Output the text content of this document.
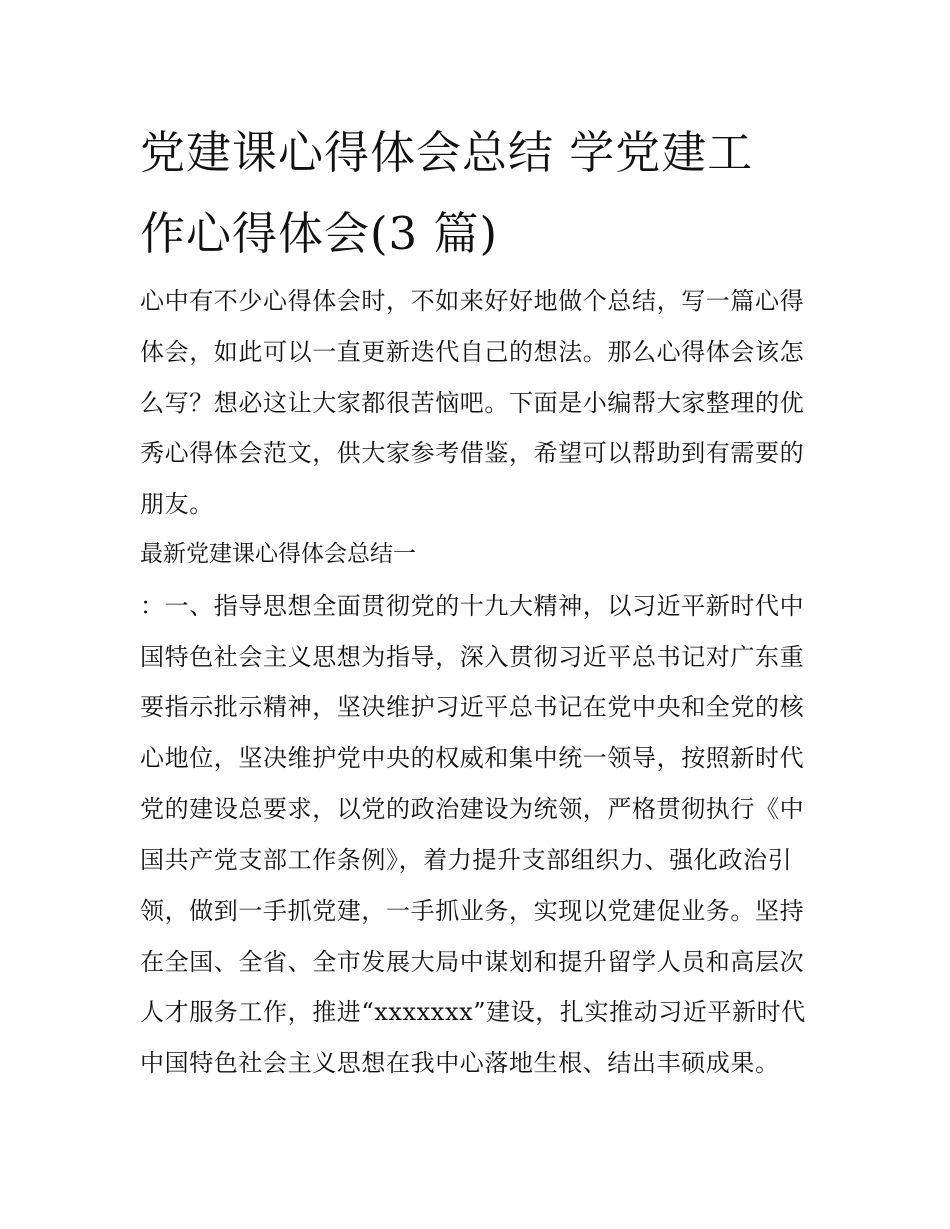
党建课心得体会总结 学党建工
作心得体会(3 篇)
心中有不少心得体会时，不如来好好地做个总结，写一篇心得
体会，如此可以一直更新迭代自己的想法。那么心得体会该怎
么写？想必这让大家都很苦恼吧。下面是小编帮大家整理的优
秀心得体会范文，供大家参考借鉴，希望可以帮助到有需要的
朋友。
最新党建课心得体会总结一
：一、指导思想全面贯彻党的十九大精神，以习近平新时代中
国特色社会主义思想为指导，深入贯彻习近平总书记对广东重
要指示批示精神，坚决维护习近平总书记在党中央和全党的核
心地位，坚决维护党中央的权威和集中统一领导，按照新时代
党的建设总要求，以党的政治建设为统领，严格贯彻执行《中
国共产党支部工作条例》，着力提升支部组织力、强化政治引
领，做到一手抓党建，一手抓业务，实现以党建促业务。坚持
在全国、全省、全市发展大局中谋划和提升留学人员和高层次
人才服务工作，推进“xxxxxxx”建设，扎实推动习近平新时代
中国特色社会主义思想在我中心落地生根、结出丰硕成果。
